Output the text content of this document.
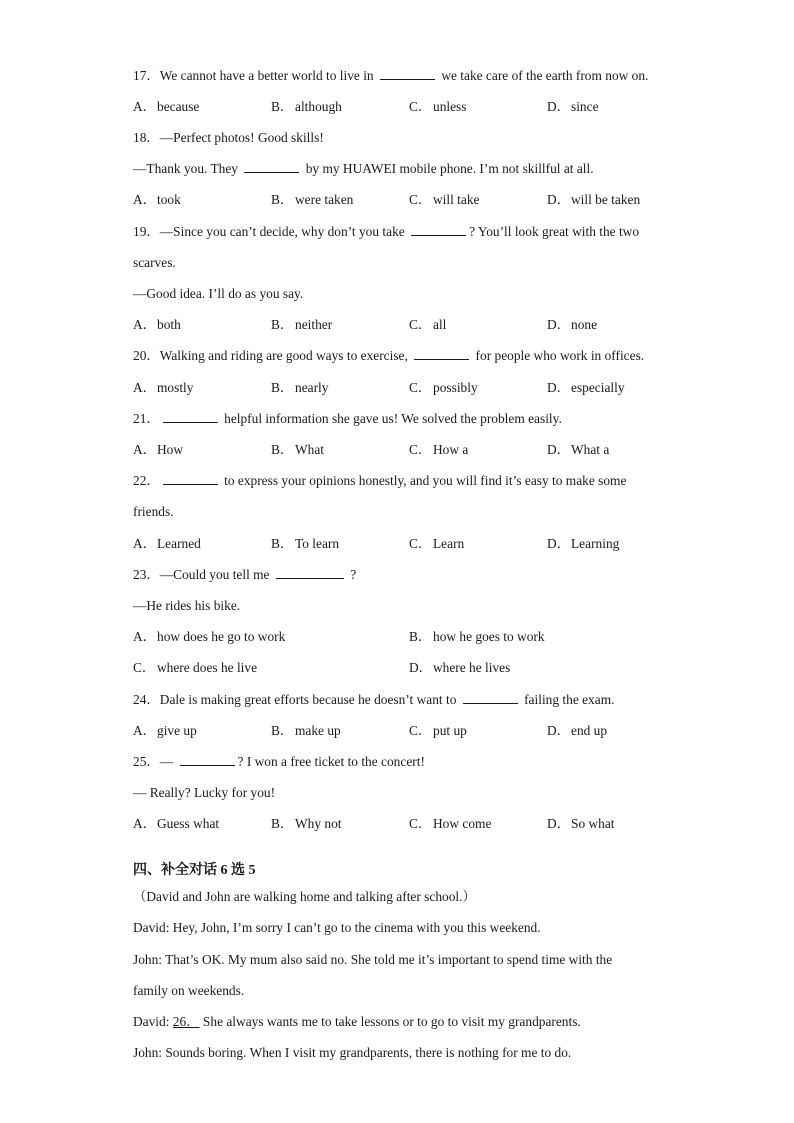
17．We cannot have a better world to live in	we take care of the earth from now on.
A．because	B． although	C． unless	D．since
18．—Perfect photos! Good skills!
—Thank you. They	by my HUAWEI mobile phone. I’m not skillful at all.
A．took	B． were taken	C． will take	D．will be taken
19．—Since you can’t decide, why don’t you take	? You’ll look great with the two
scarves.
—Good idea. I’ll do as you say.
A．both	B． neither	C． all	D．none
20．Walking and riding are good ways to exercise,	for people who work in offices.
A．mostly	B． nearly	C． possibly	D．especially
21．	helpful information she gave us! We solved the problem easily.
A．How	B． What	C． How a	D．What a
22．	to express your opinions honestly, and you will find it’s easy to make some
friends.
A．Learned	B． To learn	C． Learn	D．Learning
23．—Could you tell me	?
—He rides his bike.
A．how does he go to work	B． how he goes to work
C． where does he live	D．where he lives
24．Dale is making great efforts because he doesn’t want to	failing the exam.
A．give up	B． make up	C． put up	D．end up
25．—	? I won a free ticket to the concert!
— Really? Lucky for you!
A．Guess what	B． Why not	C． How come	D．So what
四、补全对话 6 选 5
（David and John are walking home and talking after school.）
David: Hey, John, I’m sorry I can’t go to the cinema with you this weekend.
John: That’s OK. My mum also said no. She told me it’s important to spend time with the
family on weekends.
David: 26． She always wants me to take lessons or to go to visit my grandparents.
John: Sounds boring. When I visit my grandparents, there is nothing for me to do.
